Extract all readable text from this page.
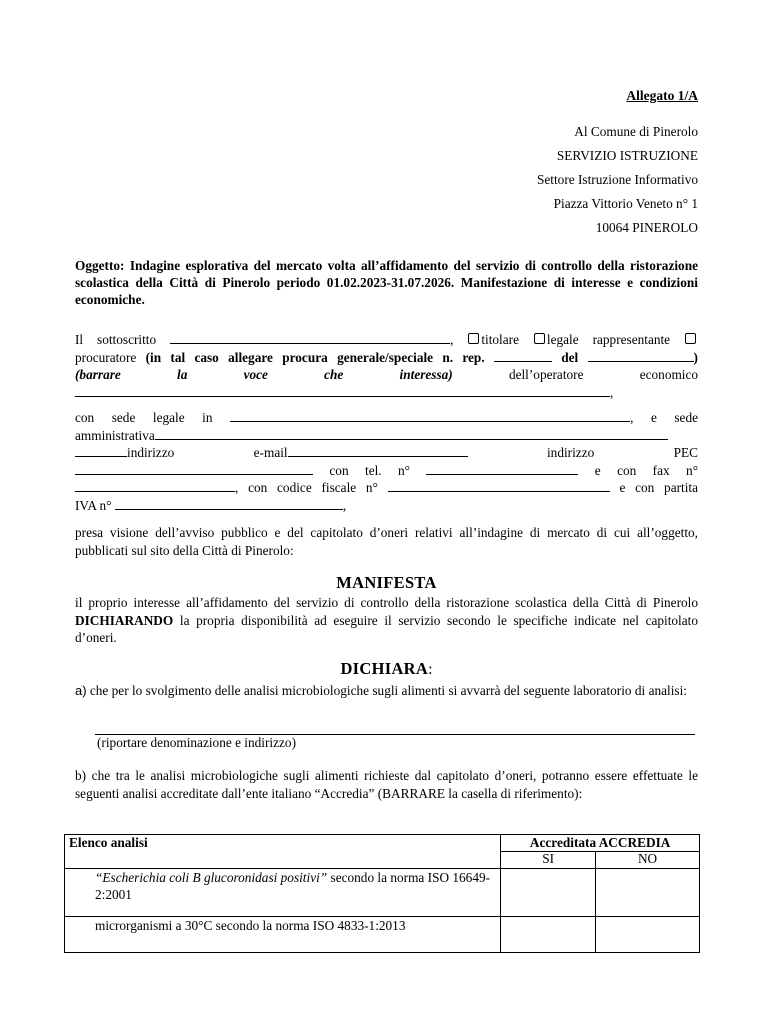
Allegato 1/A
Al Comune di Pinerolo
SERVIZIO ISTRUZIONE
Settore Istruzione Informativo
Piazza Vittorio Veneto n° 1
10064 PINEROLO
Oggetto: Indagine esplorativa del mercato volta all’affidamento del servizio di controllo della ristorazione scolastica della Città di Pinerolo periodo 01.02.2023-31.07.2026. Manifestazione di interesse e condizioni economiche.
Il sottoscritto	, titolare legale rappresentante
procuratore (in tal caso allegare procura generale/speciale n. rep.	del	)
(barrare	la	voce	che	interessa)	dell’operatore	economico
,
con sede legale in	, e sede
amministrativa
indirizzo	e-mail	indirizzo	PEC
con tel. n°	e con fax n°
, con codice fiscale n°	e con partita
IVA n°	,
presa visione dell’avviso pubblico e del capitolato d’oneri relativi all’indagine di mercato di cui all’oggetto, pubblicati sul sito della Città di Pinerolo:
MANIFESTA
il proprio interesse all’affidamento del servizio di controllo della ristorazione scolastica della Città di Pinerolo DICHIARANDO la propria disponibilità ad eseguire il servizio secondo le specifiche indicate nel capitolato d’oneri.
DICHIARA:
a) che per lo svolgimento delle analisi microbiologiche sugli alimenti si avvarrà del seguente laboratorio di analisi:
(riportare denominazione e indirizzo)
b) che tra le analisi microbiologiche sugli alimenti richieste dal capitolato d’oneri, potranno essere effettuate le seguenti analisi accreditate dall’ente italiano “Accredia” (BARRARE la casella di riferimento):
Elenco analisi	Accreditata ACCREDIA	
	SI	NO
“Escherichia coli B glucoronidasi positivi” secondo la norma ISO 16649-2:2001		
microrganismi a 30°C secondo la norma ISO 4833-1:2013		
